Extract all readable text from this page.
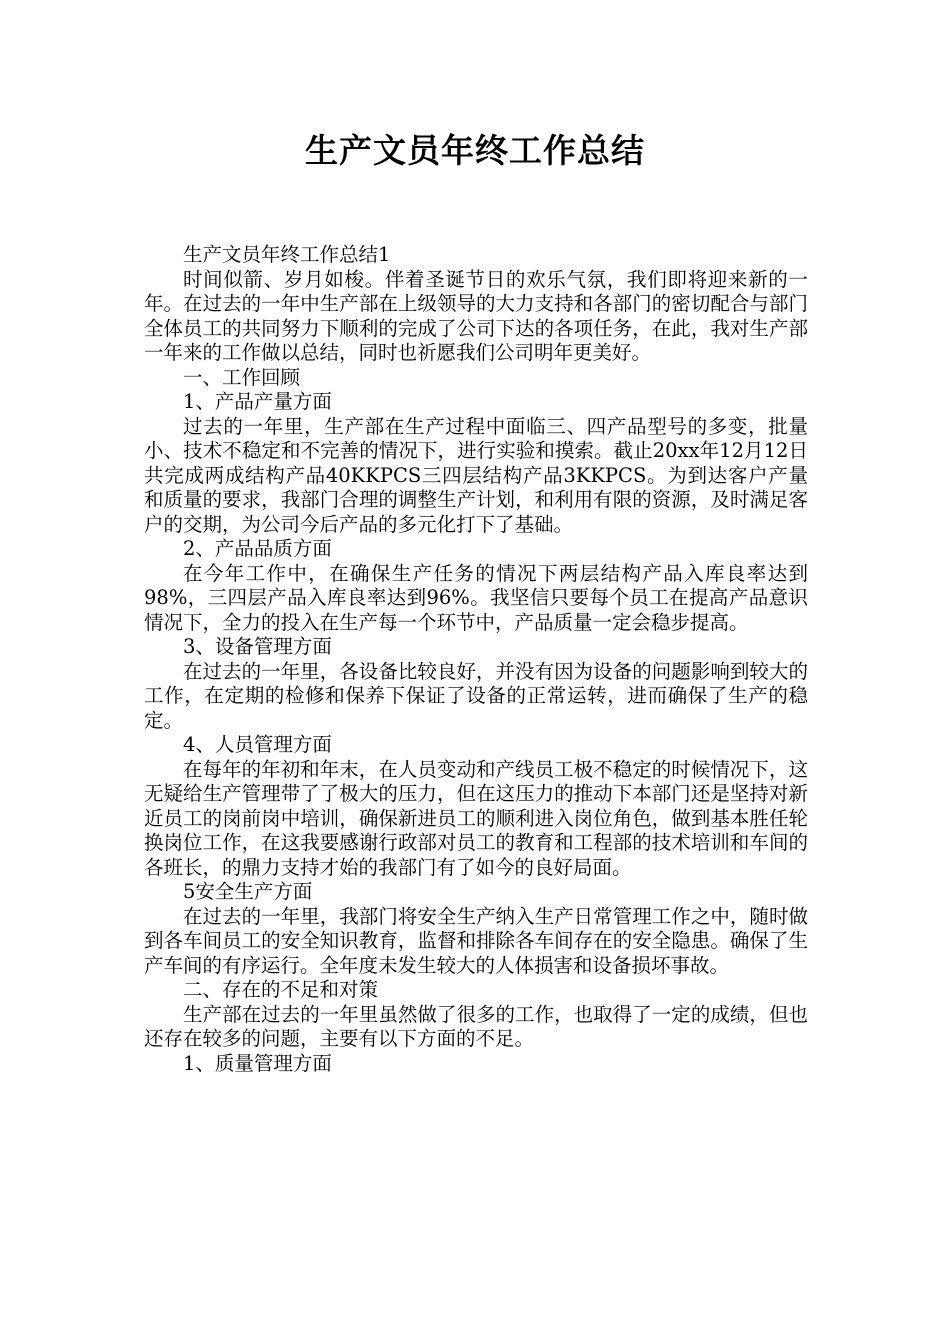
生产文员年终工作总结

生产文员年终工作总结1

时间似箭、岁月如梭。伴着圣诞节日的欢乐气氛，我们即将迎来新的一年。在过去的一年中生产部在上级领导的大力支持和各部门的密切配合与部门全体员工的共同努力下顺利的完成了公司下达的各项任务，在此，我对生产部一年来的工作做以总结，同时也祈愿我们公司明年更美好。

一、工作回顾

1、产品产量方面

过去的一年里，生产部在生产过程中面临三、四产品型号的多变，批量小、技术不稳定和不完善的情况下，进行实验和摸索。截止20xx年12月12日共完成两成结构产品40KKPCS三四层结构产品3KKPCS。为到达客户产量和质量的要求，我部门合理的调整生产计划，和利用有限的资源，及时满足客户的交期，为公司今后产品的多元化打下了基础。

2、产品品质方面

在今年工作中，在确保生产任务的情况下两层结构产品入库良率达到98%，三四层产品入库良率达到96%。我坚信只要每个员工在提高产品意识情况下，全力的投入在生产每一个环节中，产品质量一定会稳步提高。

3、设备管理方面

在过去的一年里，各设备比较良好，并没有因为设备的问题影响到较大的工作，在定期的检修和保养下保证了设备的正常运转，进而确保了生产的稳定。

4、人员管理方面

在每年的年初和年末，在人员变动和产线员工极不稳定的时候情况下，这无疑给生产管理带了了极大的压力，但在这压力的推动下本部门还是坚持对新近员工的岗前岗中培训，确保新进员工的顺利进入岗位角色，做到基本胜任轮换岗位工作，在这我要感谢行政部对员工的教育和工程部的技术培训和车间的各班长，的鼎力支持才始的我部门有了如今的良好局面。

5安全生产方面

在过去的一年里，我部门将安全生产纳入生产日常管理工作之中，随时做到各车间员工的安全知识教育，监督和排除各车间存在的安全隐患。确保了生产车间的有序运行。全年度未发生较大的人体损害和设备损坏事故。

二、存在的不足和对策

生产部在过去的一年里虽然做了很多的工作，也取得了一定的成绩，但也还存在较多的问题，主要有以下方面的不足。

1、质量管理方面
